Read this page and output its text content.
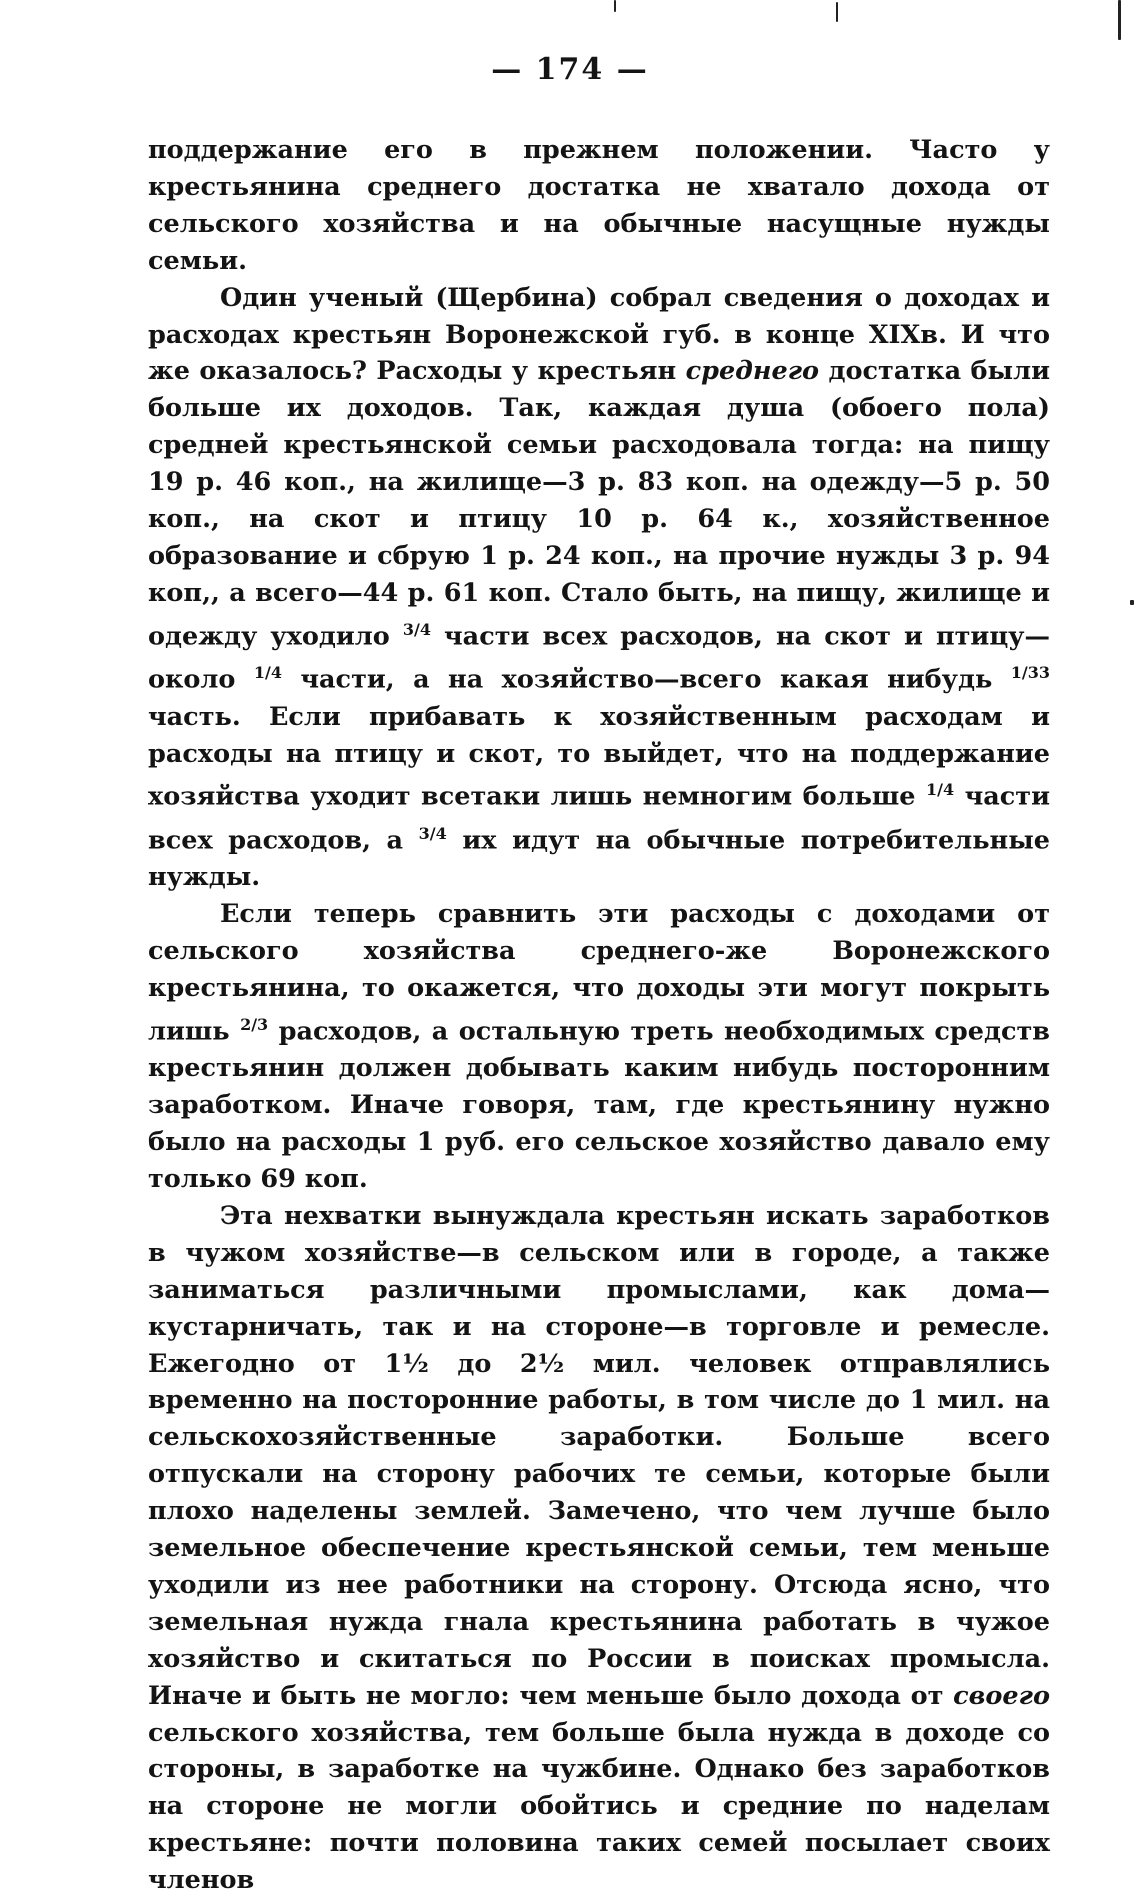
— 174 —

поддержание его в прежнем положении. Часто у крестьянина среднего достатка не хватало дохода от сельского хозяйства и на обычные насущные нужды семьи.

Один ученый (Щербина) собрал сведения о доходах и расходах крестьян Воронежской губ. в конце XIXв. И что же оказалось? Расходы у крестьян среднего достатка были больше их доходов. Так, каждая душа (обоего пола) средней крестьянской семьи расходовала тогда: на пищу 19 р. 46 коп., на жилище—3 р. 83 коп. на одежду—5 р. 50 коп., на скот и птицу 10 р. 64 к., хозяйственное образование и сбрую 1 р. 24 коп., на прочие нужды 3 р. 94 коп,, а всего—44 р. 61 коп. Стало быть, на пищу, жилище и одежду уходило $^{3/4}$ части всех расходов, на скот и птицу— около $^{1/4}$ части, а на хозяйство—всего какая нибудь $^{1/33}$ часть. Если прибавать к хозяйственным расходам и расходы на птицу и скот, то выйдет, что на поддержание хозяйства уходит всетаки лишь немногим больше $^{1/4}$ части всех расходов, а $^{3/4}$ их идут на обычные потребительные нужды.

Если теперь сравнить эти расходы с доходами от сельского хозяйства среднего-же Воронежского крестьянина, то окажется, что доходы эти могут покрыть лишь $^{2/3}$ расходов, а остальную треть необходимых средств крестьянин должен добывать каким нибудь посторонним заработком. Иначе говоря, там, где крестьянину нужно было на расходы 1 руб. его сельское хозяйство давало ему только 69 коп.

Эта нехватки вынуждала крестьян искать заработков в чужом хозяйстве—в сельском или в городе, а также заниматься различными промыслами, как дома—кустарничать, так и на стороне—в торговле и ремесле. Ежегодно от 1½ до 2½ мил. человек отправлялись временно на посторонние работы, в том числе до 1 мил. на сельскохозяйственные заработки. Больше всего отпускали на сторону рабочих те семьи, которые были плохо наделены землей. Замечено, что чем лучше было земельное обеспечение крестьянской семьи, тем меньше уходили из нее работники на сторону. Отсюда ясно, что земельная нужда гнала крестьянина работать в чужое хозяйство и скитаться по России в поисках промысла. Иначе и быть не могло: чем меньше было дохода от своего сельского хозяйства, тем больше была нужда в доходе со стороны, в заработке на чужбине. Однако без заработков на стороне не могли обойтись и средние по наделам крестьяне: почти половина таких семей посылает своих членов
